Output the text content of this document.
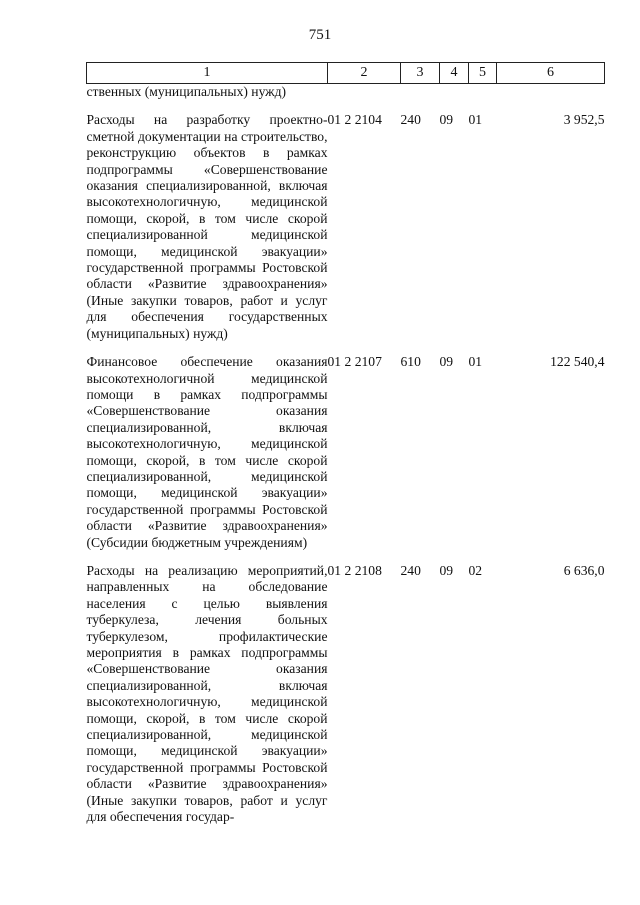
751
1	2	3	4	5	6
ственных (муниципальных) нужд)					

Расходы на разработку проектно-сметной документации на строительство, реконструкцию объектов в рамках подпрограммы «Совершенствование оказания специализированной, включая высокотехнологичную, медицинской помощи, скорой, в том числе скорой специализированной медицинской помощи, медицинской эвакуации» государственной программы Ростовской области «Развитие здравоохранения» (Иные закупки товаров, работ и услуг для обеспечения государственных (муниципальных) нужд)	01 2 2104	240	09	01	3 952,5

Финансовое обеспечение оказания высокотехнологичной медицинской помощи в рамках подпрограммы «Совершенствование оказания специализированной, включая высокотехнологичную, медицинской помощи, скорой, в том числе скорой специализированной, медицинской помощи, медицинской эвакуации» государственной программы Ростовской области «Развитие здравоохранения» (Субсидии бюджетным учреждениям)	01 2 2107	610	09	01	122 540,4

Расходы на реализацию мероприятий, направленных на обследование населения с целью выявления туберкулеза, лечения больных туберкулезом, профилактические мероприятия в рамках подпрограммы «Совершенствование оказания специализированной, включая высокотехнологичную, медицинской помощи, скорой, в том числе скорой специализированной, медицинской помощи, медицинской эвакуации» государственной программы Ростовской области «Развитие здравоохранения» (Иные закупки товаров, работ и услуг для обеспечения государ-	01 2 2108	240	09	02	6 636,0
